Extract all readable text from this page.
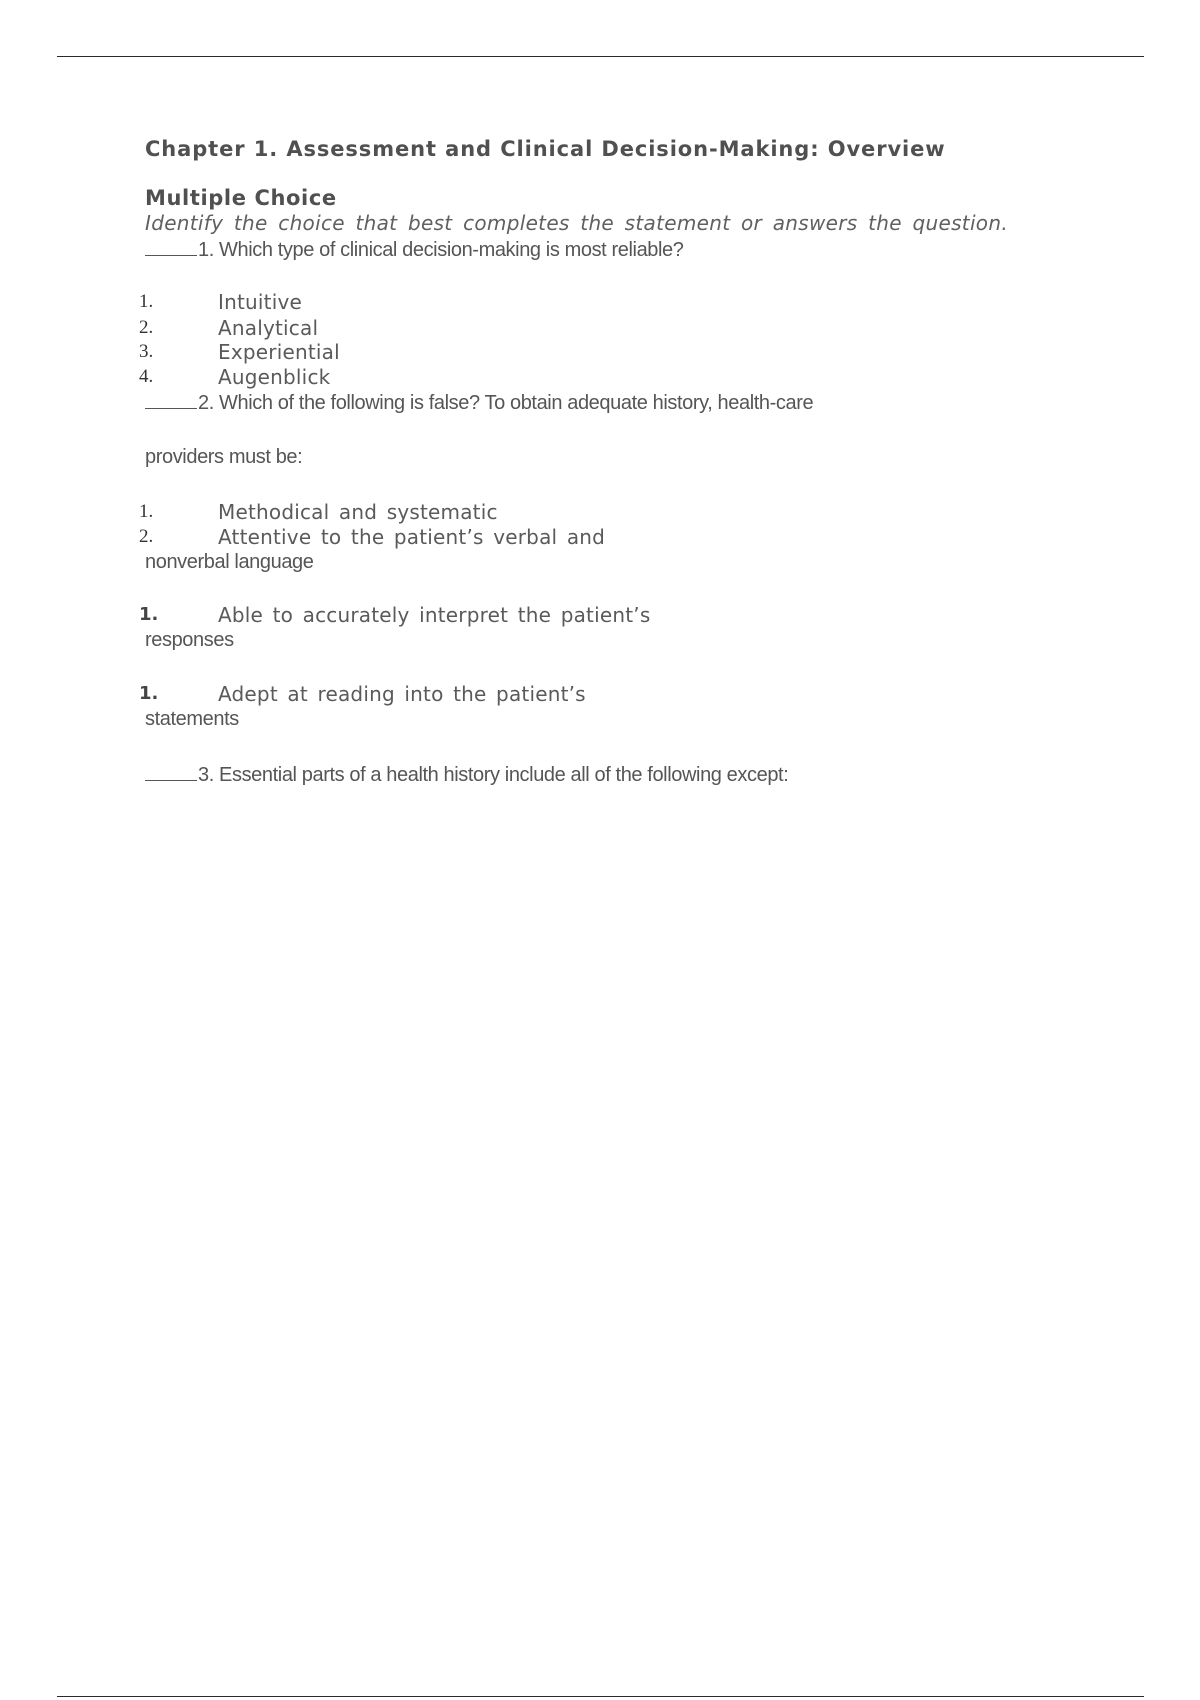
Chapter 1. Assessment and Clinical Decision-Making: Overview
Multiple Choice
Identify the choice that best completes the statement or answers the question.
1. Which type of clinical decision-making is most reliable?
1.	Intuitive
2.	Analytical
3.	Experiential
4.	Augenblick
2. Which of the following is false? To obtain adequate history, health-care
providers must be:
1.	Methodical and systematic
2.	Attentive to the patient’s verbal and
nonverbal language
1.	Able to accurately interpret the patient’s
responses
1.	Adept at reading into the patient’s
statements
3. Essential parts of a health history include all of the following except:
